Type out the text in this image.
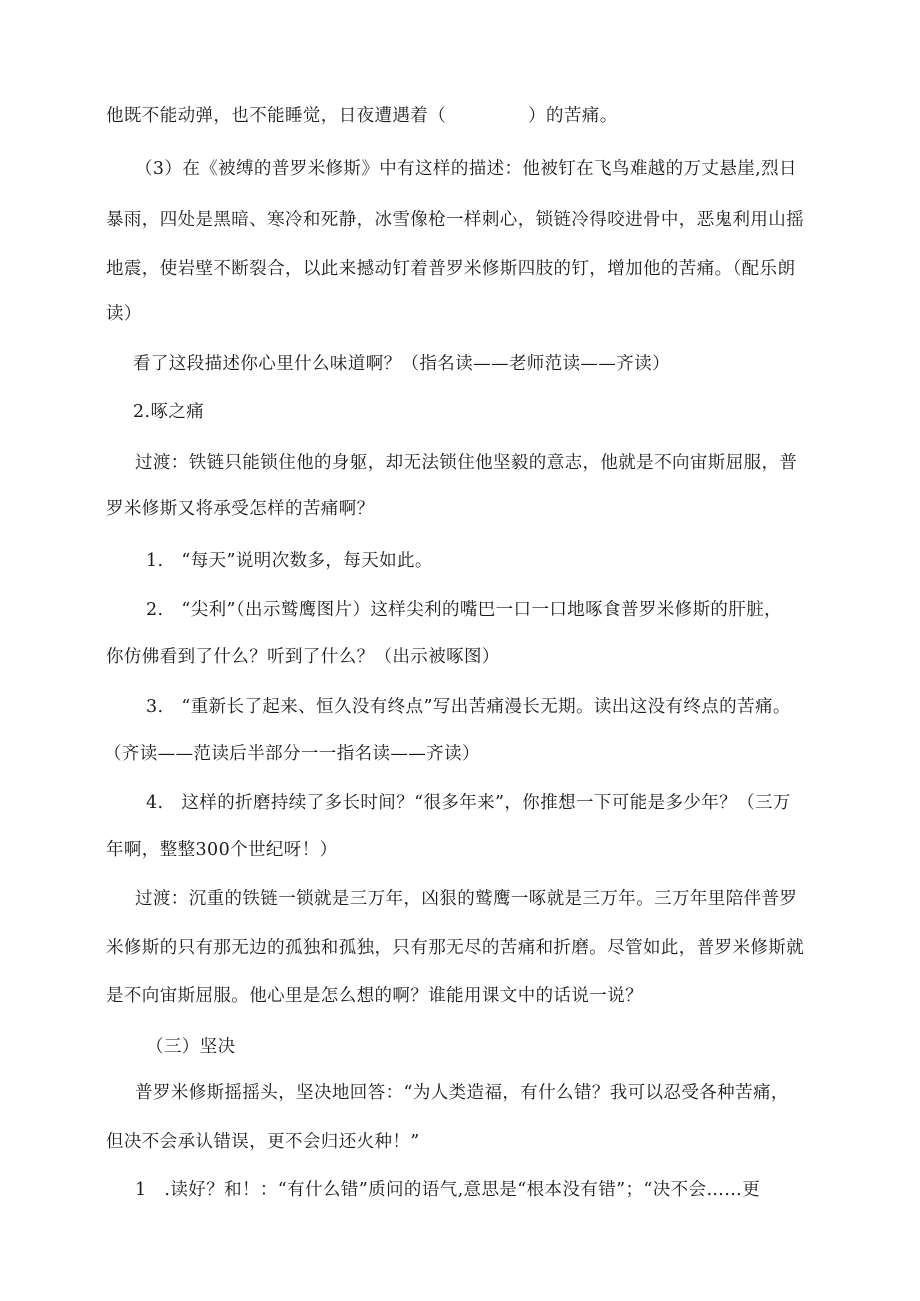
他既不能动弹，也不能睡觉，日夜遭遇着（	）的苦痛。
（3）在《被缚的普罗米修斯》中有这样的描述：他被钉在飞鸟难越的万丈悬崖,烈日
暴雨，四处是黑暗、寒冷和死静，冰雪像枪一样刺心，锁链冷得咬进骨中，恶鬼利用山摇
地震，使岩壁不断裂合，以此来撼动钉着普罗米修斯四肢的钉，增加他的苦痛。（配乐朗
读）
看了这段描述你心里什么味道啊？（指名读——老师范读——齐读）
2.啄之痛
过渡：铁链只能锁住他的身躯，却无法锁住他坚毅的意志，他就是不向宙斯屈服，普
罗米修斯又将承受怎样的苦痛啊？
1.　“每天”说明次数多，每天如此。
2.　“尖利”（出示鹫鹰图片）这样尖利的嘴巴一口一口地啄食普罗米修斯的肝脏，
你仿佛看到了什么？听到了什么？（出示被啄图）
3.　“重新长了起来、恒久没有终点”写出苦痛漫长无期。读出这没有终点的苦痛。
（齐读——范读后半部分一一指名读——齐读）
4.　这样的折磨持续了多长时间？“很多年来”，你推想一下可能是多少年？（三万
年啊，整整300个世纪呀！）
过渡：沉重的铁链一锁就是三万年，凶狠的鹫鹰一啄就是三万年。三万年里陪伴普罗
米修斯的只有那无边的孤独和孤独，只有那无尽的苦痛和折磨。尽管如此，普罗米修斯就
是不向宙斯屈服。他心里是怎么想的啊？谁能用课文中的话说一说？
（三）坚决
普罗米修斯摇摇头，坚决地回答：“为人类造福，有什么错？我可以忍受各种苦痛，
但决不会承认错误，更不会归还火种！”
1　.读好？和！：“有什么错”质问的语气,意思是“根本没有错”；“决不会……更
